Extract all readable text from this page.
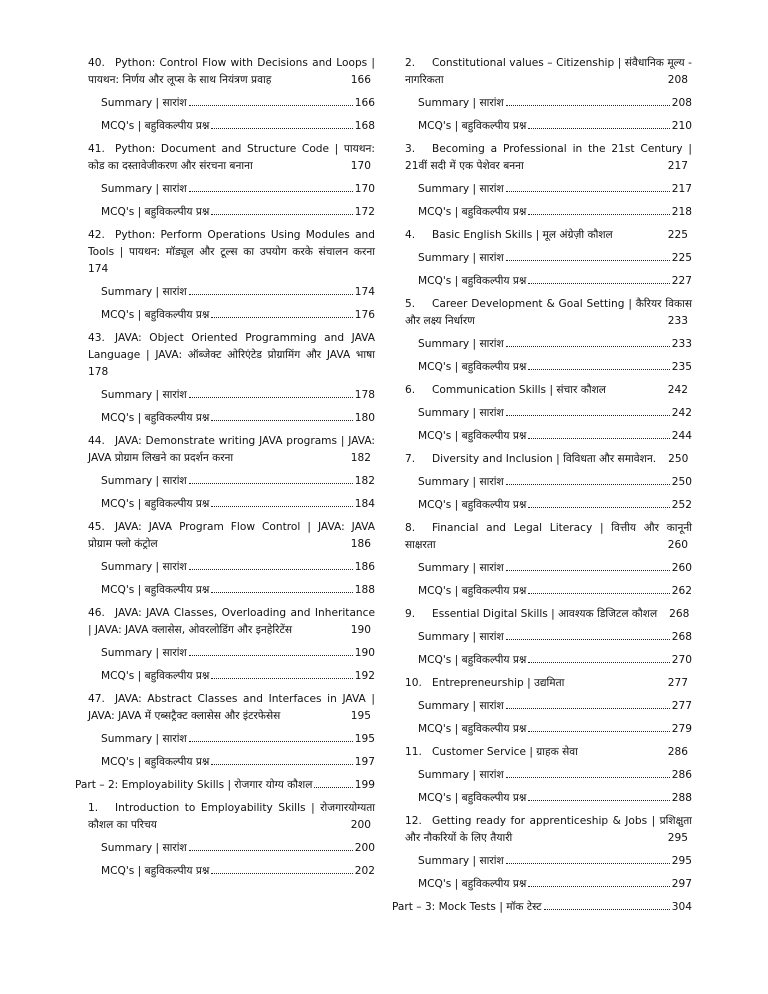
40. Python: Control Flow with Decisions and Loops | पायथन: निर्णय और लूप्स के साथ नियंत्रण प्रवाह	166
Summary | सारांश	166
MCQ's | बहुविकल्पीय प्रश्न	168
41. Python: Document and Structure Code | पायथन: कोड का दस्तावेजीकरण और संरचना बनाना	170
Summary | सारांश	170
MCQ's | बहुविकल्पीय प्रश्न	172
42. Python: Perform Operations Using Modules and Tools | पायथन: मॉड्यूल और टूल्स का उपयोग करके संचालन करना 174
Summary | सारांश	174
MCQ's | बहुविकल्पीय प्रश्न	176
43. JAVA: Object Oriented Programming and JAVA Language | JAVA: ऑब्जेक्ट ओरिएंटेड प्रोग्रामिंग और JAVA भाषा 178
Summary | सारांश	178
MCQ's | बहुविकल्पीय प्रश्न	180
44. JAVA: Demonstrate writing JAVA programs | JAVA: JAVA प्रोग्राम लिखने का प्रदर्शन करना	182
Summary | सारांश	182
MCQ's | बहुविकल्पीय प्रश्न	184
45. JAVA: JAVA Program Flow Control | JAVA: JAVA प्रोग्राम फ्लो कंट्रोल	186
Summary | सारांश	186
MCQ's | बहुविकल्पीय प्रश्न	188
46. JAVA: JAVA Classes, Overloading and Inheritance | JAVA: JAVA क्लासेस, ओवरलोडिंग और इनहेरिटेंस	190
Summary | सारांश	190
MCQ's | बहुविकल्पीय प्रश्न	192
47. JAVA: Abstract Classes and Interfaces in JAVA | JAVA: JAVA में एब्सट्रैक्ट क्लासेस और इंटरफेसेस	195
Summary | सारांश	195
MCQ's | बहुविकल्पीय प्रश्न	197
Part – 2: Employability Skills | रोजगार योग्य कौशल	199
1. Introduction to Employability Skills | रोजगारयोग्यता कौशल का परिचय	200
Summary | सारांश	200
MCQ's | बहुविकल्पीय प्रश्न	202
2. Constitutional values – Citizenship | संवैधानिक मूल्य - नागरिकता	208
Summary | सारांश	208
MCQ's | बहुविकल्पीय प्रश्न	210
3. Becoming a Professional in the 21st Century | 21वीं सदी में एक पेशेवर बनना	217
Summary | सारांश	217
MCQ's | बहुविकल्पीय प्रश्न	218
4. Basic English Skills | मूल अंग्रेज़ी कौशल	225
Summary | सारांश	225
MCQ's | बहुविकल्पीय प्रश्न	227
5. Career Development & Goal Setting | कैरियर विकास और लक्ष्य निर्धारण	233
Summary | सारांश	233
MCQ's | बहुविकल्पीय प्रश्न	235
6. Communication Skills | संचार कौशल	242
Summary | सारांश	242
MCQ's | बहुविकल्पीय प्रश्न	244
7. Diversity and Inclusion | विविधता और समावेशन. 250
Summary | सारांश	250
MCQ's | बहुविकल्पीय प्रश्न	252
8. Financial and Legal Literacy | वित्तीय और कानूनी साक्षरता	260
Summary | सारांश	260
MCQ's | बहुविकल्पीय प्रश्न	262
9. Essential Digital Skills | आवश्यक डिजिटल कौशल 268
Summary | सारांश	268
MCQ's | बहुविकल्पीय प्रश्न	270
10. Entrepreneurship | उद्यमिता	277
Summary | सारांश	277
MCQ's | बहुविकल्पीय प्रश्न	279
11. Customer Service | ग्राहक सेवा	286
Summary | सारांश	286
MCQ's | बहुविकल्पीय प्रश्न	288
12. Getting ready for apprenticeship & Jobs | प्रशिक्षुता और नौकरियों के लिए तैयारी	295
Summary | सारांश	295
MCQ's | बहुविकल्पीय प्रश्न	297
Part – 3: Mock Tests | मॉक टेस्ट	304
